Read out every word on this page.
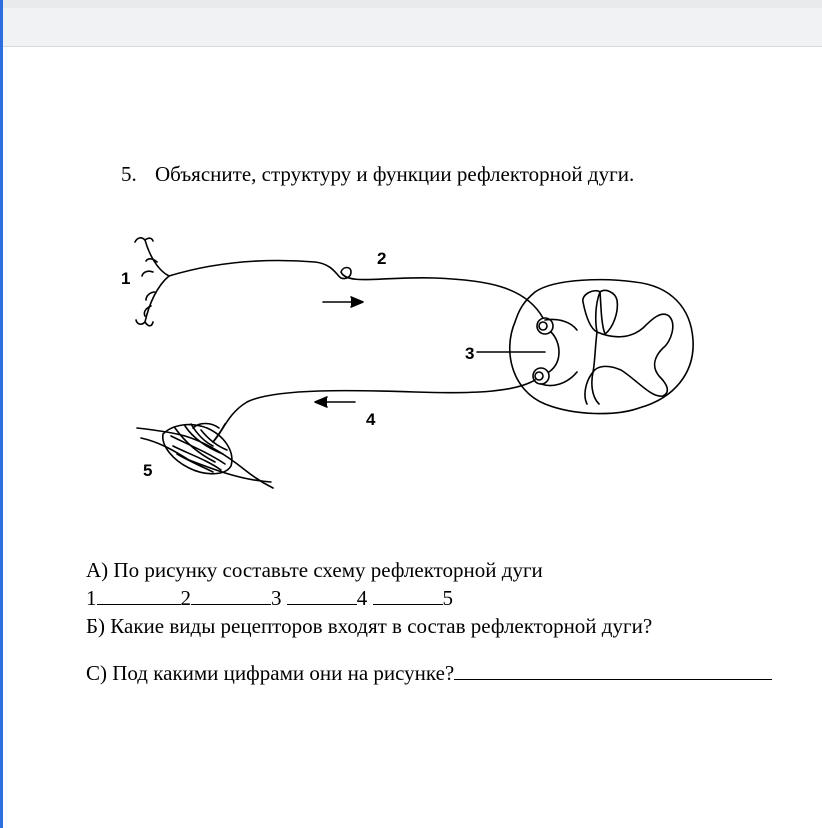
5. Объясните, структуру и функции рефлекторной дуги.
1
2
3
4
5
А) По рисунку составьте схему рефлекторной дуги
1	2	3	4	5
Б) Какие виды рецепторов входят в состав рефлекторной дуги?
С) Под какими цифрами они на рисунке?
